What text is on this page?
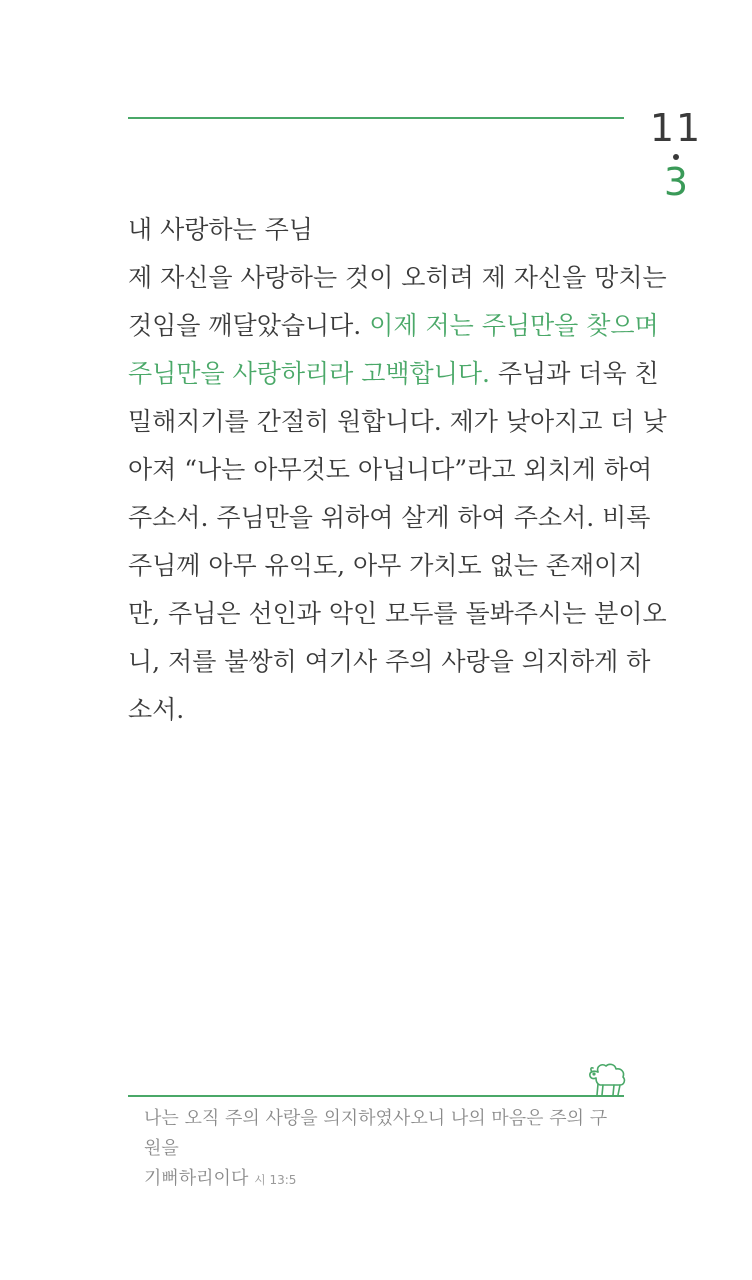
11
3
내 사랑하는 주님
제 자신을 사랑하는 것이 오히려 제 자신을 망치는
것임을 깨달았습니다. 이제 저는 주님만을 찾으며
주님만을 사랑하리라 고백합니다. 주님과 더욱 친
밀해지기를 간절히 원합니다. 제가 낮아지고 더 낮
아져 “나는 아무것도 아닙니다”라고 외치게 하여
주소서. 주님만을 위하여 살게 하여 주소서. 비록
주님께 아무 유익도, 아무 가치도 없는 존재이지
만, 주님은 선인과 악인 모두를 돌봐주시는 분이오
니, 저를 불쌍히 여기사 주의 사랑을 의지하게 하
소서.
나는 오직 주의 사랑을 의지하였사오니 나의 마음은 주의 구원을
기뻐하리이다 시 13:5
